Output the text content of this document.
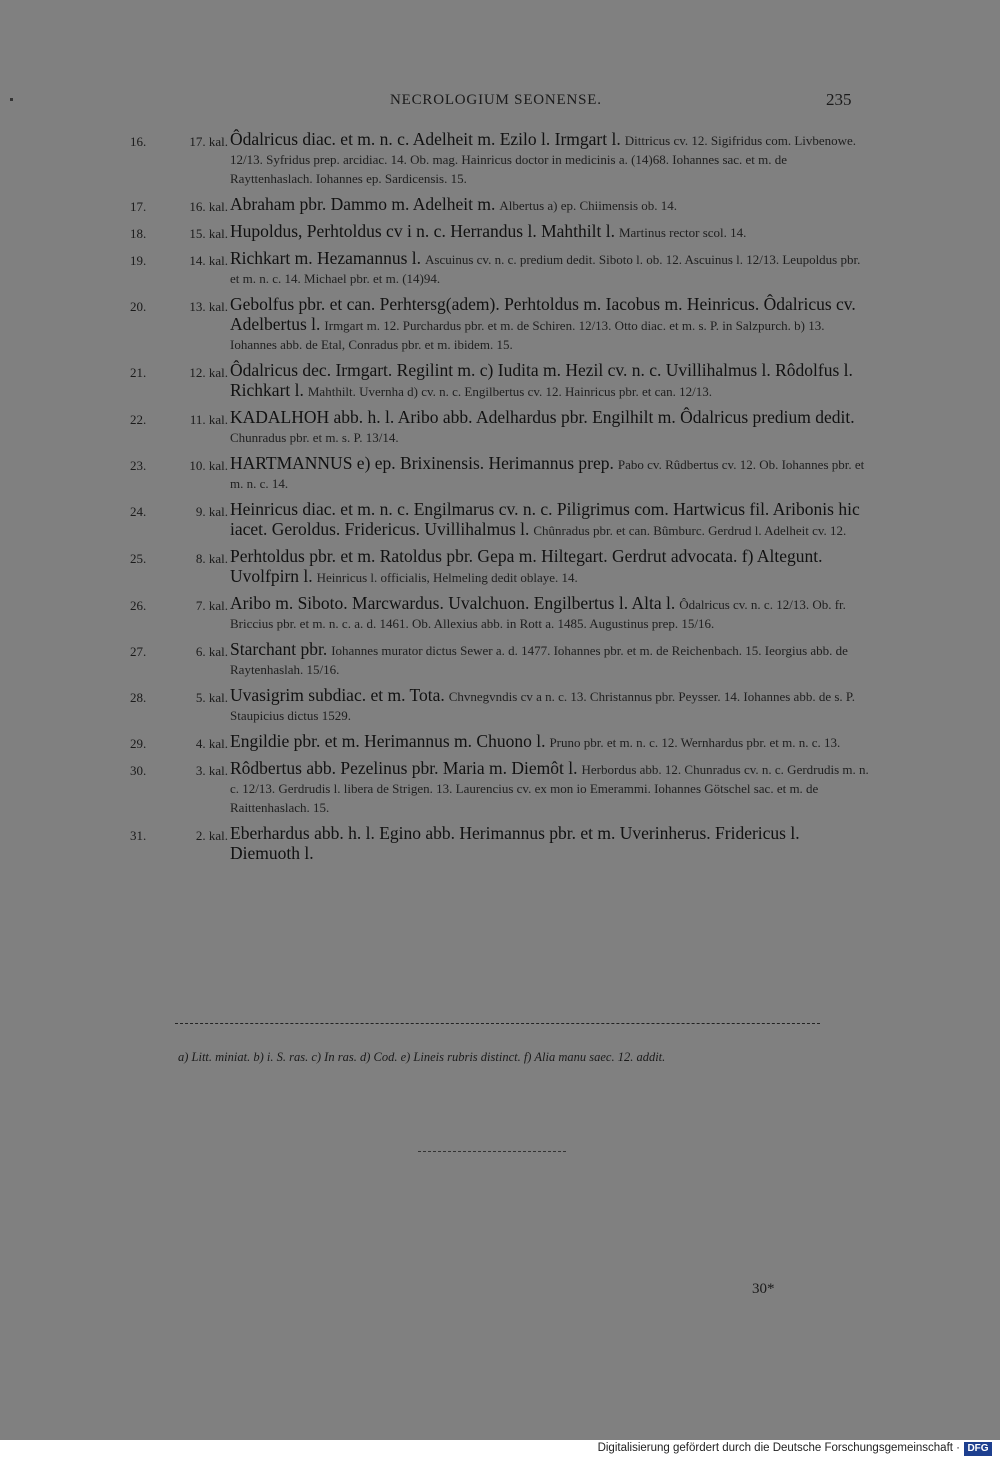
NECROLOGIUM SEONENSE.	235
16.	17. kal. Ôdalricus diac. et m. n. c. Adelheit m. Ezilo l. Irmgart l. Dittricus cv. 12. Sigifridus com. Livbenowe. 12/13. Syfridus prep. arcidiac. 14. Ob. mag. Hainricus doctor in medicinis a. (14)68. Iohannes sac. et m. de Rayttenhaslach. Iohannes ep. Sardicensis. 15.
17.	16. kal. Abraham pbr. Dammo m. Adelheit m. Albertus a) ep. Chiimensis ob. 14.
18.	15. kal. Hupoldus, Perhtoldus cv i n. c. Herrandus l. Mahthilt l. Martinus rector scol. 14.
19.	14. kal. Richkart m. Hezamannus l. Ascuinus cv. n. c. predium dedit. Siboto l. ob. 12. Ascuinus l. 12/13. Leupoldus pbr. et m. n. c. 14. Michael pbr. et m. (14)94.
20.	13. kal. Gebolfus pbr. et can. Perhtersg(adem). Perhtoldus m. Iacobus m. Heinricus. Ôdalricus cv. Adelbertus l. Irmgart m. 12. Purchardus pbr. et m. de Schiren. 12/13. Otto diac. et m. s. P. in Salzpurch. b) 13. Iohannes abb. de Etal, Conradus pbr. et m. ibidem. 15.
21.	12. kal. Ôdalricus dec. Irmgart. Regilint m. c) Iudita m. Hezil cv. n. c. Uvillihalmus l. Rôdolfus l. Richkart l. Mahthilt. Uvernha d) cv. n. c. Engilbertus cv. 12. Hainricus pbr. et can. 12/13.
22.	11. kal. KADALHOH abb. h. l. Aribo abb. Adelhardus pbr. Engilhilt m. Ôdalricus predium dedit. Chunradus pbr. et m. s. P. 13/14.
23.	10. kal. HARTMANNUS e) ep. Brixinensis. Herimannus prep. Pabo cv. Rûdbertus cv. 12. Ob. Iohannes pbr. et m. n. c. 14.
24.	9. kal. Heinricus diac. et m. n. c. Engilmarus cv. n. c. Piligrimus com. Hartwicus fil. Aribonis hic iacet. Geroldus. Fridericus. Uvillihalmus l. Chûnradus pbr. et can. Bûmburc. Gerdrud l. Adelheit cv. 12.
25.	8. kal. Perhtoldus pbr. et m. Ratoldus pbr. Gepa m. Hiltegart. Gerdrut advocata. f) Altegunt. Uvolfpirn l. Heinricus l. officialis, Helmeling dedit oblaye. 14.
26.	7. kal. Aribo m. Siboto. Marcwardus. Uvalchuon. Engilbertus l. Alta l. Ôdalricus cv. n. c. 12/13. Ob. fr. Briccius pbr. et m. n. c. a. d. 1461. Ob. Allexius abb. in Rott a. 1485. Augustinus prep. 15/16.
27.	6. kal. Starchant pbr. Iohannes murator dictus Sewer a. d. 1477. Iohannes pbr. et m. de Reichenbach. 15. Ieorgius abb. de Raytenhaslah. 15/16.
28.	5. kal. Uvasigrim subdiac. et m. Tota. Chvnegvndis cv a n. c. 13. Christannus pbr. Peysser. 14. Iohannes abb. de s. P. Staupicius dictus 1529.
29.	4. kal. Engildie pbr. et m. Herimannus m. Chuono l. Pruno pbr. et m. n. c. 12. Wernhardus pbr. et m. n. c. 13.
30.	3. kal. Rôdbertus abb. Pezelinus pbr. Maria m. Diemôt l. Herbordus abb. 12. Chunradus cv. n. c. Gerdrudis m. n. c. 12/13. Gerdrudis l. libera de Strigen. 13. Laurencius cv. ex mon io Emerammi. Iohannes Götschel sac. et m. de Raittenhaslach. 15.
31.	2. kal. Eberhardus abb. h. l. Egino abb. Herimannus pbr. et m. Uverinherus. Fridericus l. Diemuoth l.
a) Litt. miniat. b) i. S. ras. c) In ras. d) Cod. e) Lineis rubris distinct. f) Alia manu saec. 12. addit.
30*
Digitalisierung gefördert durch die Deutsche Forschungsgemeinschaft · DFG
